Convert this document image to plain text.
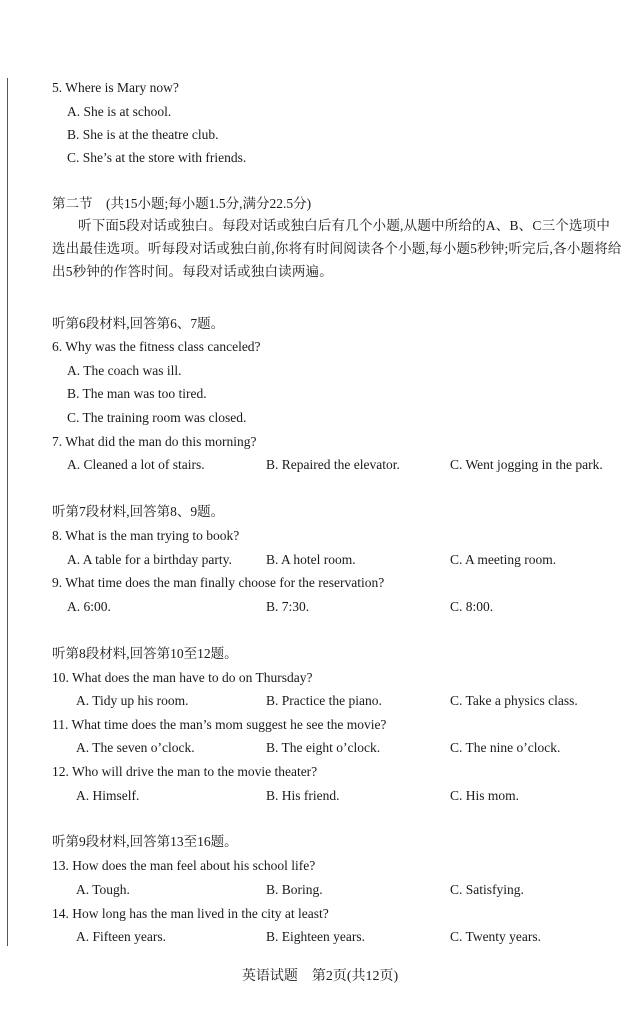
5. Where is Mary now?
A. She is at school.
B. She is at the theatre club.
C. She’s at the store with friends.
第二节　(共15小题;每小题1.5分,满分22.5分)
听下面5段对话或独白。每段对话或独白后有几个小题,从题中所给的A、B、C三个选项中选出最佳选项。听每段对话或独白前,你将有时间阅读各个小题,每小题5秒钟;听完后,各小题将给出5秒钟的作答时间。每段对话或独白读两遍。
听第6段材料,回答第6、7题。
6. Why was the fitness class canceled?
A. The coach was ill.
B. The man was too tired.
C. The training room was closed.
7. What did the man do this morning?
A. Cleaned a lot of stairs.	B. Repaired the elevator.	C. Went jogging in the park.
听第7段材料,回答第8、9题。
8. What is the man trying to book?
A. A table for a birthday party.	B. A hotel room.	C. A meeting room.
9. What time does the man finally choose for the reservation?
A. 6:00.	B. 7:30.	C. 8:00.
听第8段材料,回答第10至12题。
10. What does the man have to do on Thursday?
A. Tidy up his room.	B. Practice the piano.	C. Take a physics class.
11. What time does the man’s mom suggest he see the movie?
A. The seven o’clock.	B. The eight o’clock.	C. The nine o’clock.
12. Who will drive the man to the movie theater?
A. Himself.	B. His friend.	C. His mom.
听第9段材料,回答第13至16题。
13. How does the man feel about his school life?
A. Tough.	B. Boring.	C. Satisfying.
14. How long has the man lived in the city at least?
A. Fifteen years.	B. Eighteen years.	C. Twenty years.
英语试题　第2页(共12页)
